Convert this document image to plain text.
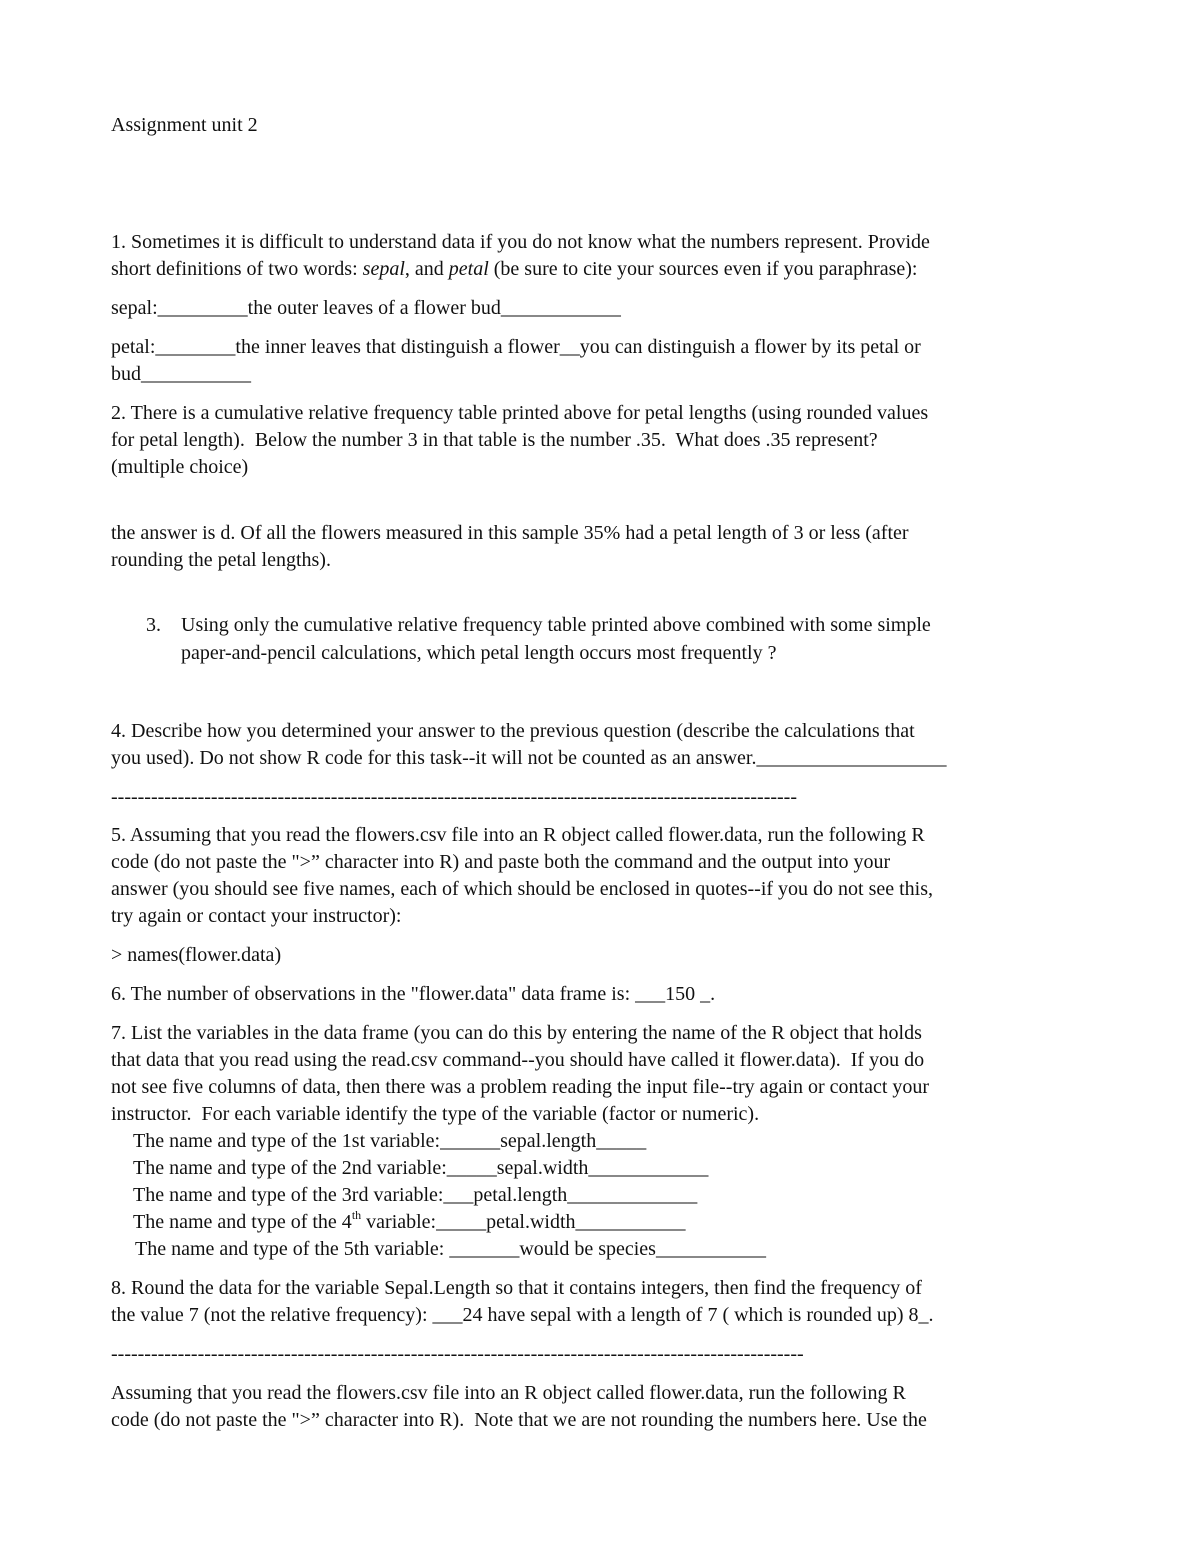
Assignment unit 2

1. Sometimes it is difficult to understand data if you do not know what the numbers represent. Provide

short definitions of two words: sepal, and petal (be sure to cite your sources even if you paraphrase):

sepal:_________the outer leaves of a flower bud____________

petal:________the inner leaves that distinguish a flower__you can distinguish a flower by its petal or

bud___________

2. There is a cumulative relative frequency table printed above for petal lengths (using rounded values

for petal length).  Below the number 3 in that table is the number .35.  What does .35 represent?

(multiple choice)

the answer is d. Of all the flowers measured in this sample 35% had a petal length of 3 or less (after

rounding the petal lengths).

3. Using only the cumulative relative frequency table printed above combined with some simple

paper-and-pencil calculations, which petal length occurs most frequently ?

4. Describe how you determined your answer to the previous question (describe the calculations that

you used). Do not show R code for this task--it will not be counted as an answer.___________________

-------------------------------------------------------------------------------------------------------

5. Assuming that you read the flowers.csv file into an R object called flower.data, run the following R

code (do not paste the ">” character into R) and paste both the command and the output into your

answer (you should see five names, each of which should be enclosed in quotes--if you do not see this,

try again or contact your instructor):

> names(flower.data)

6. The number of observations in the "flower.data" data frame is: ___150 _.

7. List the variables in the data frame (you can do this by entering the name of the R object that holds

that data that you read using the read.csv command--you should have called it flower.data).  If you do

not see five columns of data, then there was a problem reading the input file--try again or contact your

instructor.  For each variable identify the type of the variable (factor or numeric).

The name and type of the 1st variable:______sepal.length_____

The name and type of the 2nd variable:_____sepal.width____________

The name and type of the 3rd variable:___petal.length_____________

The name and type of the 4th variable:_____petal.width___________

The name and type of the 5th variable: _______would be species___________

8. Round the data for the variable Sepal.Length so that it contains integers, then find the frequency of

the value 7 (not the relative frequency): ___24 have sepal with a length of 7 ( which is rounded up) 8_.

--------------------------------------------------------------------------------------------------------

Assuming that you read the flowers.csv file into an R object called flower.data, run the following R

code (do not paste the ">” character into R).  Note that we are not rounding the numbers here. Use the
